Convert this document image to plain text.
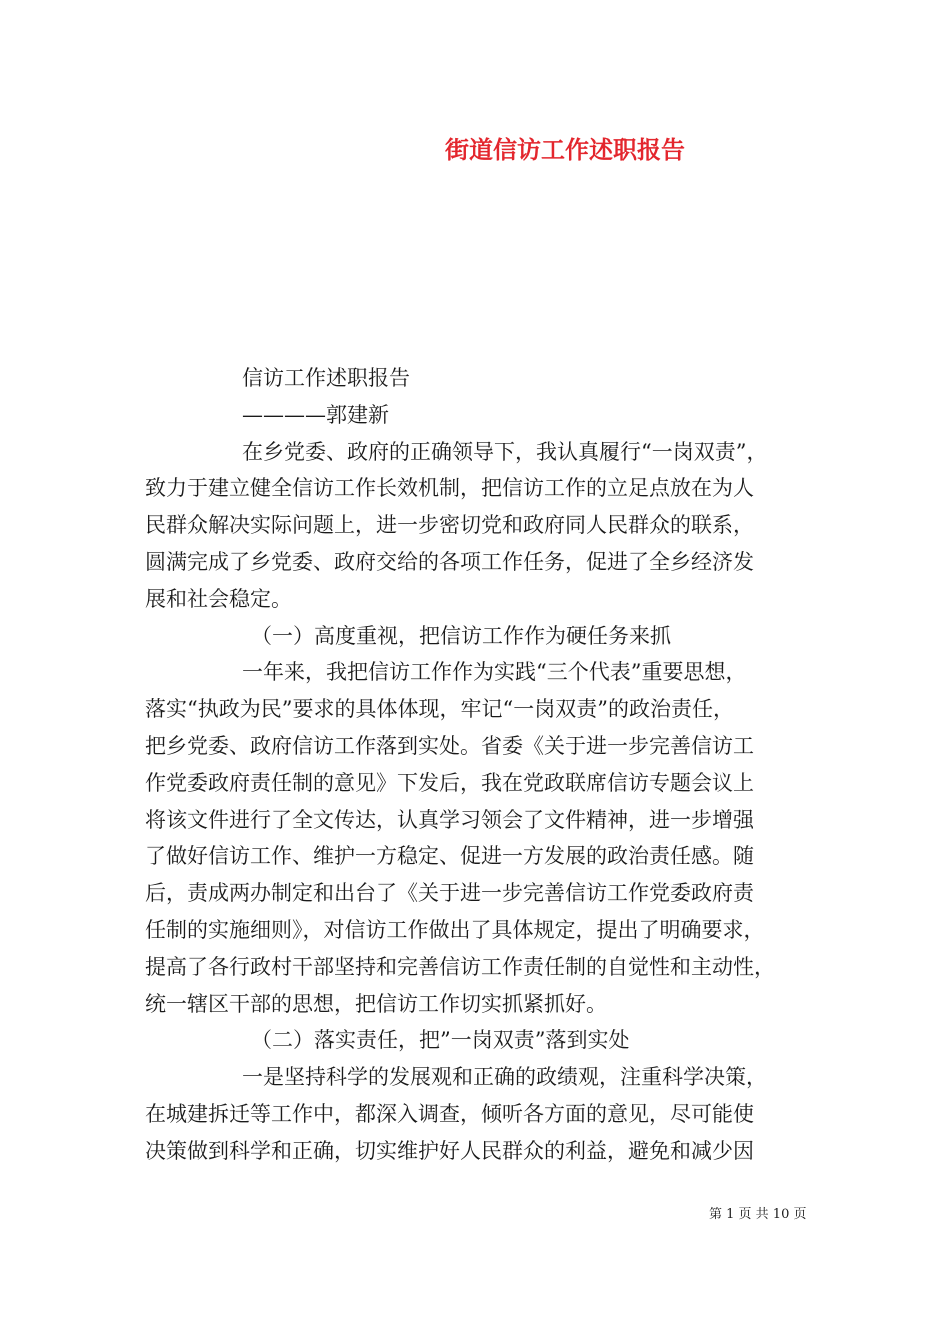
街道信访工作述职报告
信访工作述职报告
————郭建新
在乡党委、政府的正确领导下，我认真履行“一岗双责”，
致力于建立健全信访工作长效机制，把信访工作的立足点放在为人
民群众解决实际问题上，进一步密切党和政府同人民群众的联系，
圆满完成了乡党委、政府交给的各项工作任务，促进了全乡经济发
展和社会稳定。
（一）高度重视，把信访工作作为硬任务来抓
一年来，我把信访工作作为实践“三个代表”重要思想，
落实“执政为民”要求的具体体现，牢记“一岗双责”的政治责任，
把乡党委、政府信访工作落到实处。省委《关于进一步完善信访工
作党委政府责任制的意见》下发后，我在党政联席信访专题会议上
将该文件进行了全文传达，认真学习领会了文件精神，进一步增强
了做好信访工作、维护一方稳定、促进一方发展的政治责任感。随
后，责成两办制定和出台了《关于进一步完善信访工作党委政府责
任制的实施细则》，对信访工作做出了具体规定，提出了明确要求，
提高了各行政村干部坚持和完善信访工作责任制的自觉性和主动性，
统一辖区干部的思想，把信访工作切实抓紧抓好。
（二）落实责任，把”一岗双责”落到实处
一是坚持科学的发展观和正确的政绩观，注重科学决策，
在城建拆迁等工作中，都深入调查，倾听各方面的意见，尽可能使
决策做到科学和正确，切实维护好人民群众的利益，避免和减少因
第 1 页 共 10 页
